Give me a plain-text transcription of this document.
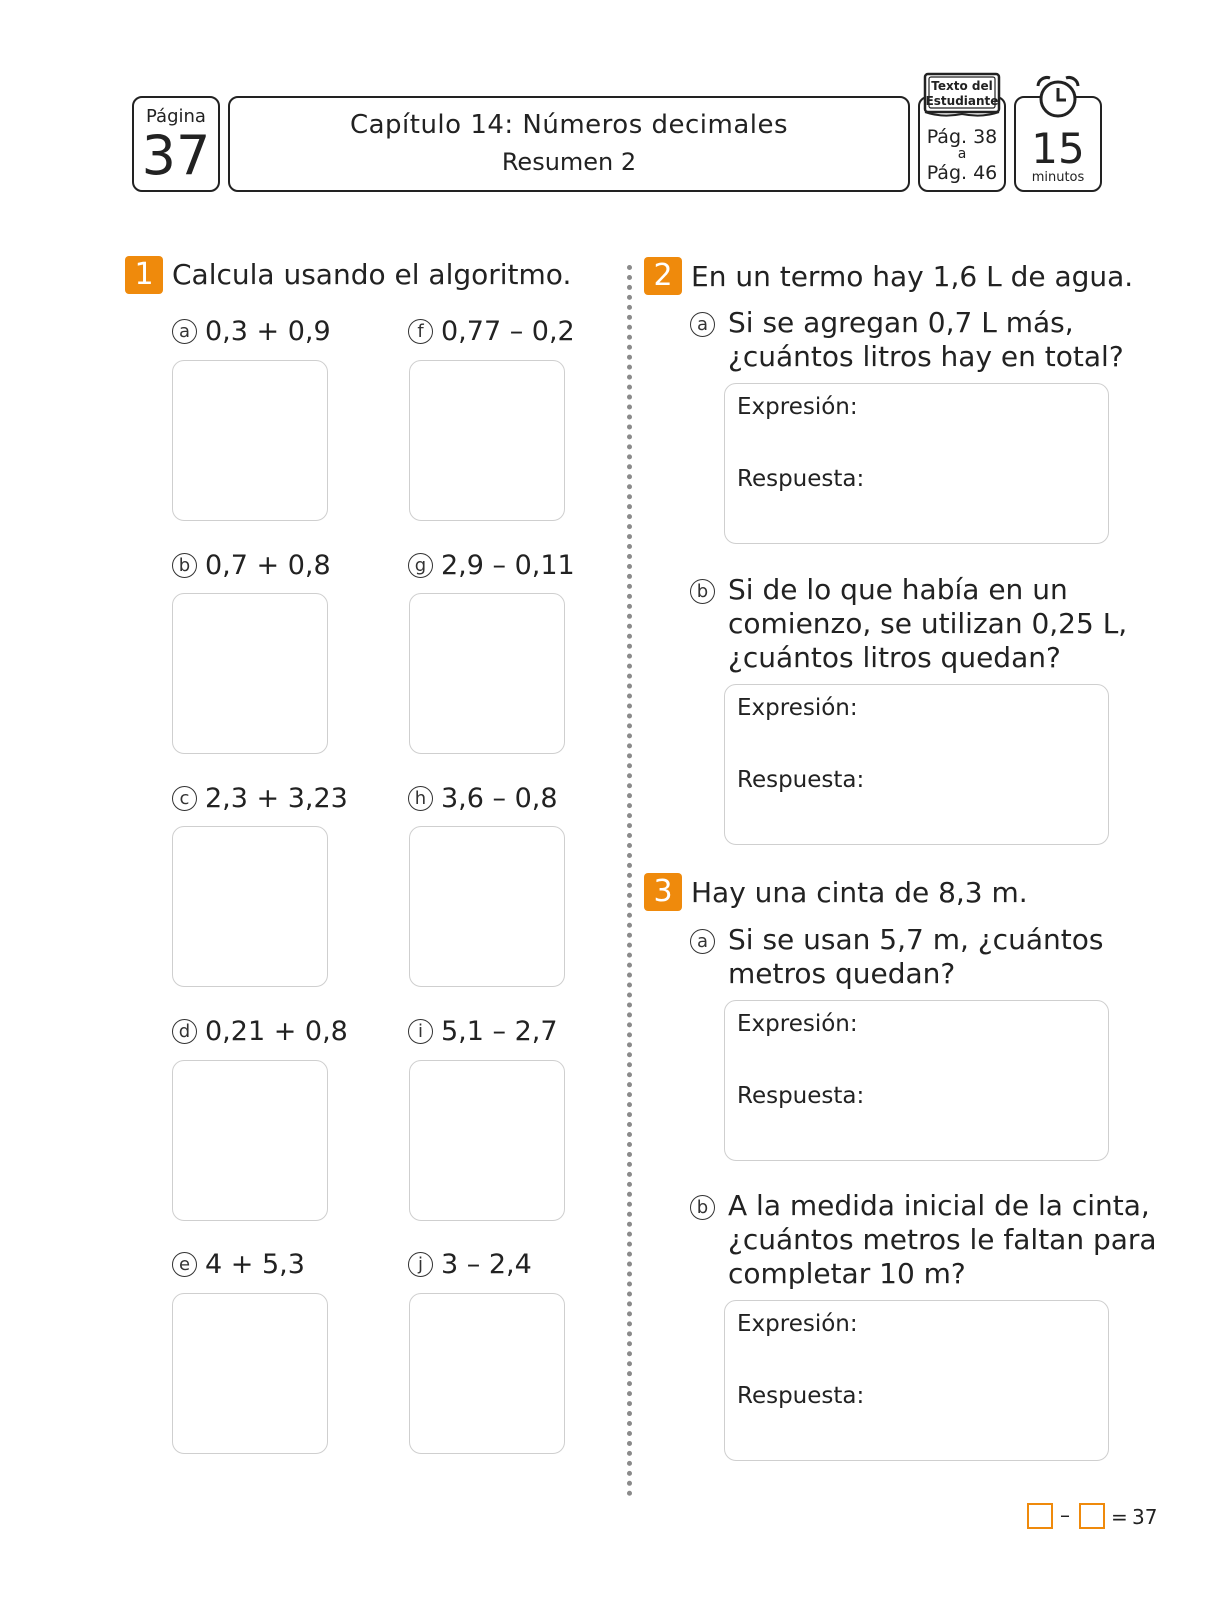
Página
37	Capítulo 14: Números decimales
Resumen 2
Pág. 38
a
Pág. 46
Texto del
Estudiante
15
minutos
1 Calcula usando el algoritmo.
a 0,3 + 0,9
b 0,7 + 0,8
c 2,3 + 3,23
d 0,21 + 0,8
e 4 + 5,3
f 0,77 – 0,2
g 2,9 – 0,11
h 3,6 – 0,8
i 5,1 – 2,7
j 3 – 2,4
2 En un termo hay 1,6 L de agua.
a Si se agregan 0,7 L más,
¿cuántos litros hay en total?
Expresión:
Respuesta:
b Si de lo que había en un
comienzo, se utilizan 0,25 L,
¿cuántos litros quedan?
Expresión:
Respuesta:
3 Hay una cinta de 8,3 m.
a Si se usan 5,7 m, ¿cuántos
metros quedan?
Expresión:
Respuesta:
b A la medida inicial de la cinta,
¿cuántos metros le faltan para
completar 10 m?
Expresión:
Respuesta:
– = 37
